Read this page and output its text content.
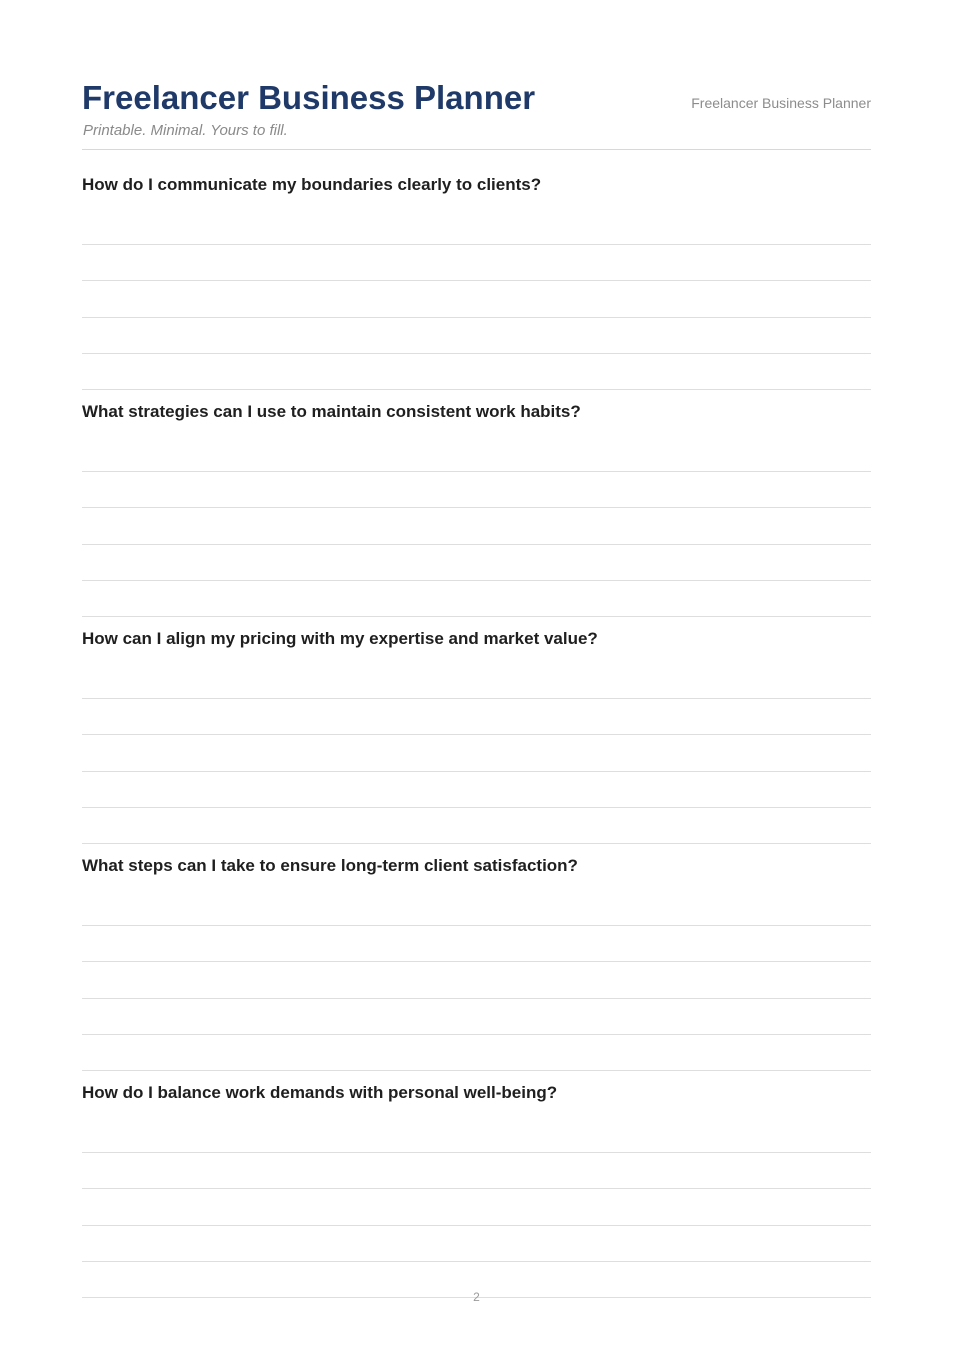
Freelancer Business Planner
Printable. Minimal. Yours to fill.
Freelancer Business Planner
How do I communicate my boundaries clearly to clients?
What strategies can I use to maintain consistent work habits?
How can I align my pricing with my expertise and market value?
What steps can I take to ensure long-term client satisfaction?
How do I balance work demands with personal well-being?
2
